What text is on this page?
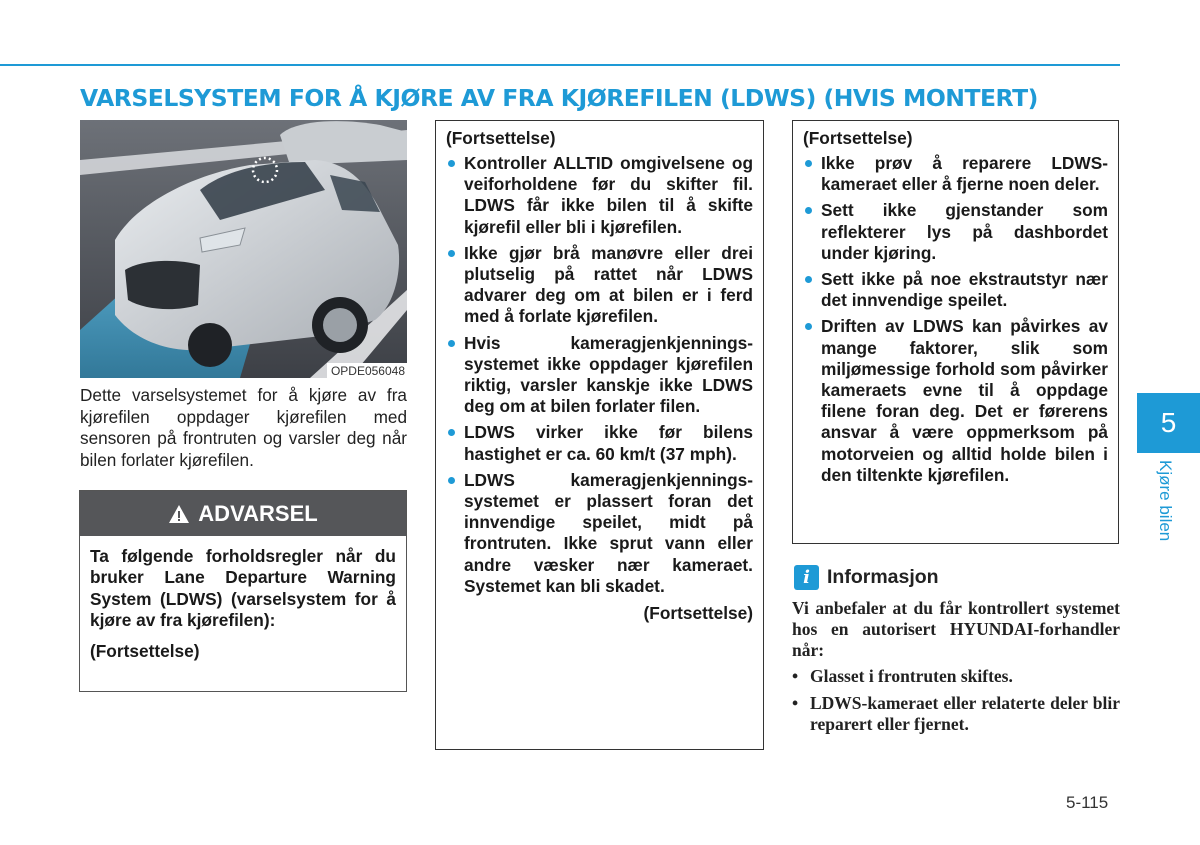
VARSELSYSTEM FOR Å KJØRE AV FRA KJØREFILEN (LDWS) (HVIS MONTERT)
OPDE056048

Dette varselsystemet for å kjøre av fra kjørefilen oppdager kjørefilen med sensoren på frontruten og varsler deg når bilen forlater kjørefilen.

ADVARSEL

Ta følgende forholdsregler når du bruker Lane Departure Warning System (LDWS) (varselsystem for å kjøre av fra kjørefilen):

(Fortsettelse)

(Fortsettelse)

Kontroller ALLTID omgivelsene og veiforholdene før du skifter fil. LDWS får ikke bilen til å skifte kjørefil eller bli i kjørefilen.
Ikke gjør brå manøvre eller drei plutselig på rattet når LDWS advarer deg om at bilen er i ferd med å forlate kjørefilen.
Hvis kameragjenkjennings-systemet ikke oppdager kjørefilen riktig, varsler kanskje ikke LDWS deg om at bilen forlater filen.
LDWS virker ikke før bilens hastighet er ca. 60 km/t (37 mph).
LDWS kameragjenkjennings-systemet er plassert foran det innvendige speilet, midt på frontruten. Ikke sprut vann eller andre væsker nær kameraet. Systemet kan bli skadet.

(Fortsettelse)

(Fortsettelse)

Ikke prøv å reparere LDWS-kameraet eller å fjerne noen deler.
Sett ikke gjenstander som reflekterer lys på dashbordet under kjøring.
Sett ikke på noe ekstrautstyr nær det innvendige speilet.
Driften av LDWS kan påvirkes av mange faktorer, slik som miljømessige forhold som påvirker kameraets evne til å oppdage filene foran deg. Det er førerens ansvar å være oppmerksom på motorveien og alltid holde bilen i den tiltenkte kjørefilen.
i Informasjon

Vi anbefaler at du får kontrollert systemet hos en autorisert HYUNDAI-forhandler når:

• Glasset i frontruten skiftes.
• LDWS-kameraet eller relaterte deler blir reparert eller fjernet.
5
Kjøre bilen
5-115
